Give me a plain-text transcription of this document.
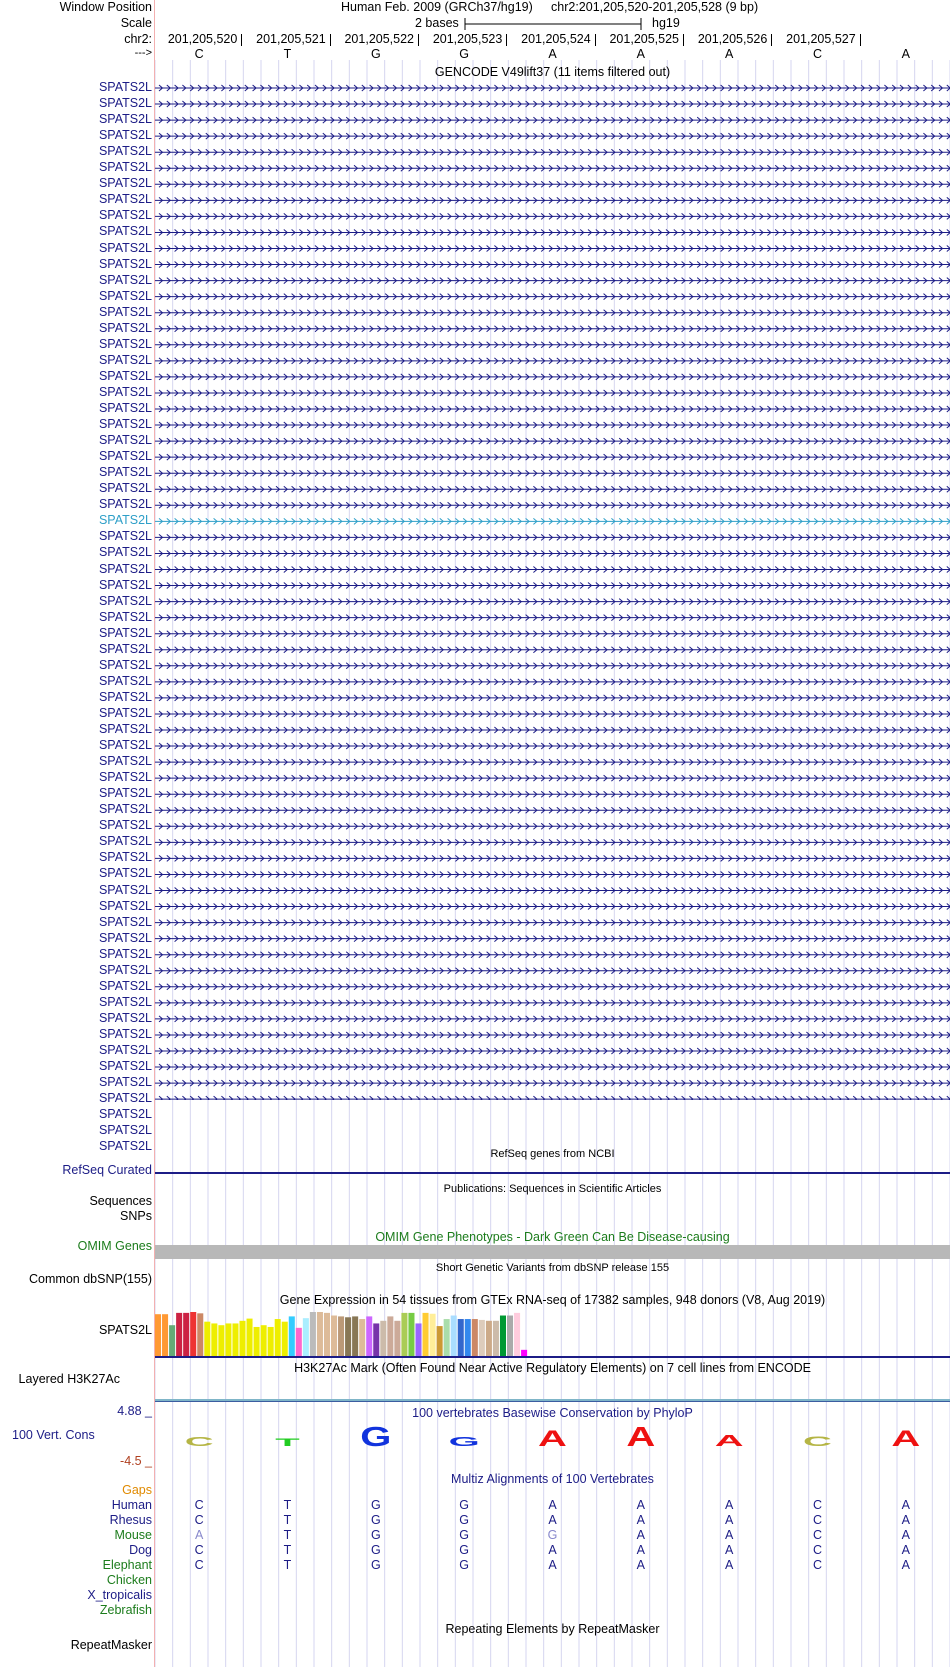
Window Position
Scale
chr2:
--->
SPATS2L
SPATS2L
SPATS2L
SPATS2L
SPATS2L
SPATS2L
SPATS2L
SPATS2L
SPATS2L
SPATS2L
SPATS2L
SPATS2L
SPATS2L
SPATS2L
SPATS2L
SPATS2L
SPATS2L
SPATS2L
SPATS2L
SPATS2L
SPATS2L
SPATS2L
SPATS2L
SPATS2L
SPATS2L
SPATS2L
SPATS2L
SPATS2L
SPATS2L
SPATS2L
SPATS2L
SPATS2L
SPATS2L
SPATS2L
SPATS2L
SPATS2L
SPATS2L
SPATS2L
SPATS2L
SPATS2L
SPATS2L
SPATS2L
SPATS2L
SPATS2L
SPATS2L
SPATS2L
SPATS2L
SPATS2L
SPATS2L
SPATS2L
SPATS2L
SPATS2L
SPATS2L
SPATS2L
SPATS2L
SPATS2L
SPATS2L
SPATS2L
SPATS2L
SPATS2L
SPATS2L
SPATS2L
SPATS2L
SPATS2L
SPATS2L
SPATS2L
SPATS2L
RefSeq Curated
Sequences
SNPs
OMIM Genes
Common dbSNP(155)
SPATS2L
Layered H3K27Ac
4.88 _
100 Vert. Cons
-4.5 _
Gaps
Human
Rhesus
Mouse
Dog
Elephant
Chicken
X_tropicalis
Zebrafish
RepeatMasker
Human Feb. 2009 (GRCh37/hg19) chr2:201,205,520-201,205,528 (9 bp)
2 bases	hg19
201,205,520 201,205,521 201,205,522 201,205,523 201,205,524 201,205,525 201,205,526 201,205,527
C	T	G	G	A	A	A	C	A
GENCODE V49lift37 (11 items filtered out)
RefSeq genes from NCBI
Publications: Sequences in Scientific Articles
OMIM Gene Phenotypes - Dark Green Can Be Disease-causing
Short Genetic Variants from dbSNP release 155
Gene Expression in 54 tissues from GTEx RNA-seq of 17382 samples, 948 donors (V8, Aug 2019)
H3K27Ac Mark (Often Found Near Active Regulatory Elements) on 7 cell lines from ENCODE
100 vertebrates Basewise Conservation by PhyloP
C T G G A A A C A
Multiz Alignments of 100 Vertebrates
C	T	G	G	A	A	A	C	A
C	T	G	G	A	A	A	C	A
A	T	G	G	G	A	A	C	A
C	T	G	G	A	A	A	C	A
C	T	G	G	A	A	A	C	A
Repeating Elements by RepeatMasker
